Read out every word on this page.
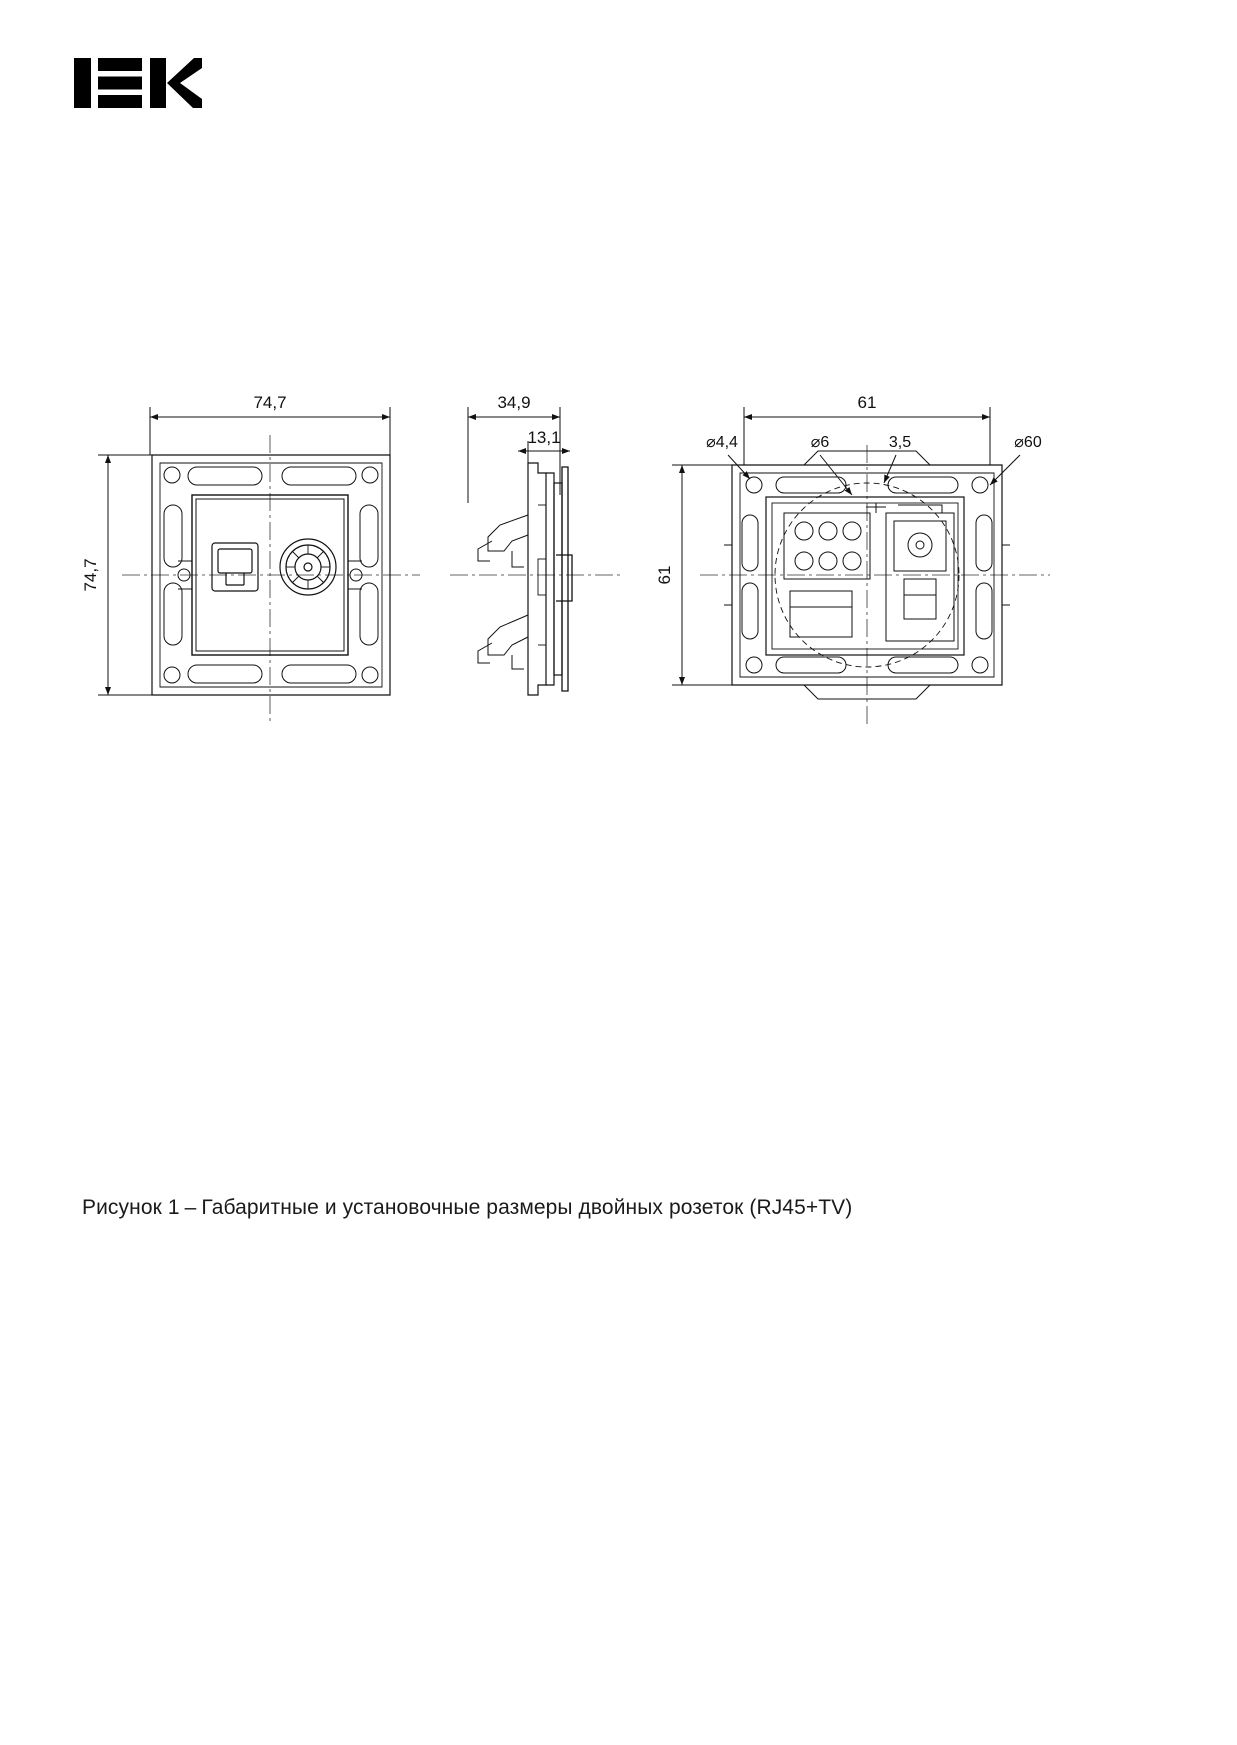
74,7
74,7
34,9
13,1
61
61
⌀4,4	⌀6	3,5	⌀60
Рисунок 1 – Габаритные и установочные размеры двойных розеток (RJ45+TV)
